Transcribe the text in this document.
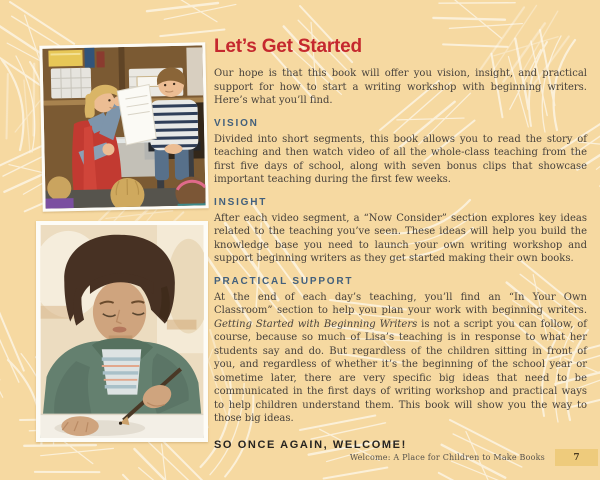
Let’s Get Started

Our hope is that this book will offer you vision, insight, and practical support for how to start a writing workshop with beginning writers. Here’s what you’ll find.

VISION

Divided into short segments, this book allows you to read the story of teaching and then watch video of all the whole-class teaching from the first five days of school, along with seven bonus clips that showcase important teaching during the first few weeks.

INSIGHT

After each video segment, a “Now Consider” section explores key ideas related to the teaching you’ve seen. These ideas will help you build the knowledge base you need to launch your own writing workshop and support beginning writers as they get started making their own books.

PRACTICAL SUPPORT

At the end of each day’s teaching, you’ll find an “In Your Own Classroom” section to help you plan your work with beginning writers. Getting Started with Beginning Writers is not a script you can follow, of course, because so much of Lisa’s teaching is in response to what her students say and do. But regardless of the children sitting in front of you, and regardless of whether it’s the beginning of the school year or sometime later, there are very specific big ideas that need to be communicated in the first days of writing workshop and practical ways to help children understand them. This book will show you the way to those big ideas.

SO ONCE AGAIN, WELCOME!

Welcome: A Place for Children to Make Books	7
